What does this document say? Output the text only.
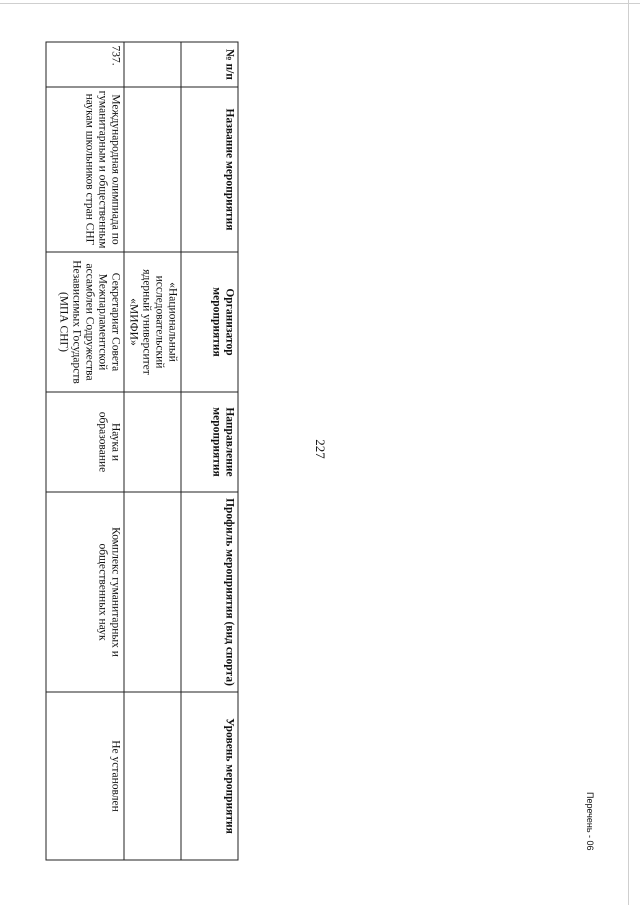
227
№ п/п	Название мероприятия	Организатор мероприятия	Направление мероприятия	Профиль мероприятия (вид спорта)	Уровень мероприятия
		«Национальный исследовательский ядерный университет «МИФИ»			
737.	Международная олимпиада по гуманитарным и общественным наукам школьников стран СНГ	Секретариат Совета Межпарламентской ассамблеи Содружества Независимых Государств (МПА СНГ)	Наука и образование	Комплекс гуманитарных и общественных наук	Не установлен
Перечень - 06
